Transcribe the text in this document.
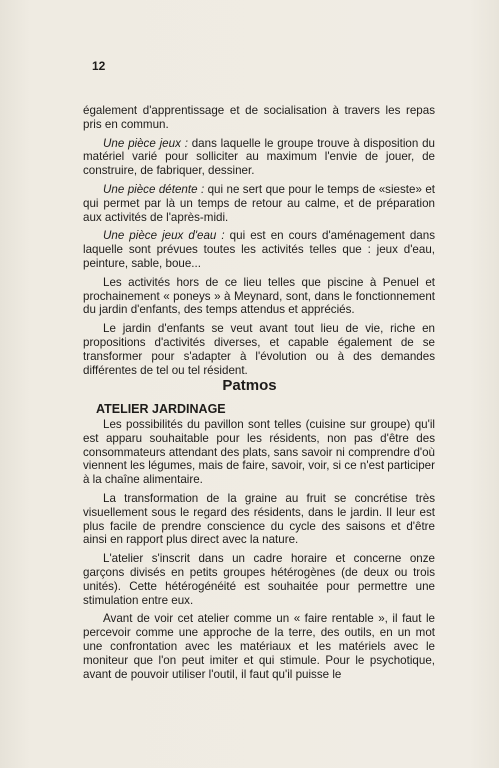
12

également d'apprentissage et de socialisation à travers les repas pris en commun.

Une pièce jeux : dans laquelle le groupe trouve à disposition du matériel varié pour solliciter au maximum l'envie de jouer, de construire, de fabriquer, dessiner.

Une pièce détente : qui ne sert que pour le temps de «sieste» et qui permet par là un temps de retour au calme, et de préparation aux activités de l'après-midi.

Une pièce jeux d'eau : qui est en cours d'aménagement dans laquelle sont prévues toutes les activités telles que : jeux d'eau, peinture, sable, boue...

Les activités hors de ce lieu telles que piscine à Penuel et prochainement « poneys » à Meynard, sont, dans le fonctionnement du jardin d'enfants, des temps attendus et appréciés.

Le jardin d'enfants se veut avant tout lieu de vie, riche en propositions d'activités diverses, et capable également de se transformer pour s'adapter à l'évolution ou à des demandes différentes de tel ou tel résident.

Patmos
ATELIER JARDINAGE

Les possibilités du pavillon sont telles (cuisine sur groupe) qu'il est apparu souhaitable pour les résidents, non pas d'être des consommateurs attendant des plats, sans savoir ni comprendre d'où viennent les légumes, mais de faire, savoir, voir, si ce n'est participer à la chaîne alimentaire.

La transformation de la graine au fruit se concrétise très visuellement sous le regard des résidents, dans le jardin. Il leur est plus facile de prendre conscience du cycle des saisons et d'être ainsi en rapport plus direct avec la nature.

L'atelier s'inscrit dans un cadre horaire et concerne onze garçons divisés en petits groupes hétérogènes (de deux ou trois unités). Cette hétérogénéité est souhaitée pour permettre une stimulation entre eux.

Avant de voir cet atelier comme un « faire rentable », il faut le percevoir comme une approche de la terre, des outils, en un mot une confrontation avec les matériaux et les matériels avec le moniteur que l'on peut imiter et qui stimule. Pour le psychotique, avant de pouvoir utiliser l'outil, il faut qu'il puisse le
